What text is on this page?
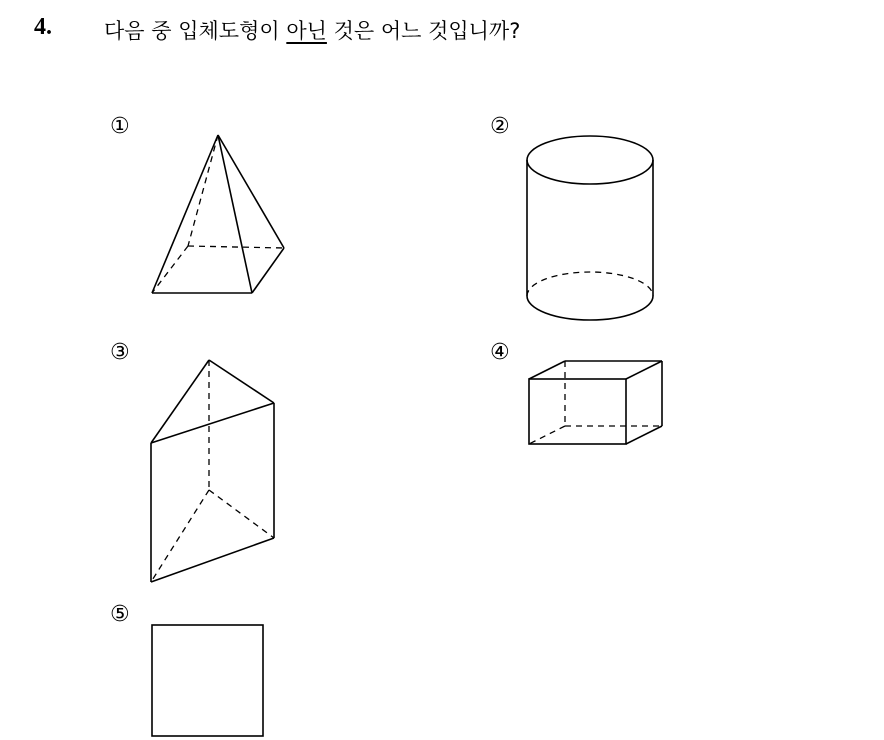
4. 다음 중 입체도형이 아닌 것은 어느 것입니까?
①	②
③	④
⑤
